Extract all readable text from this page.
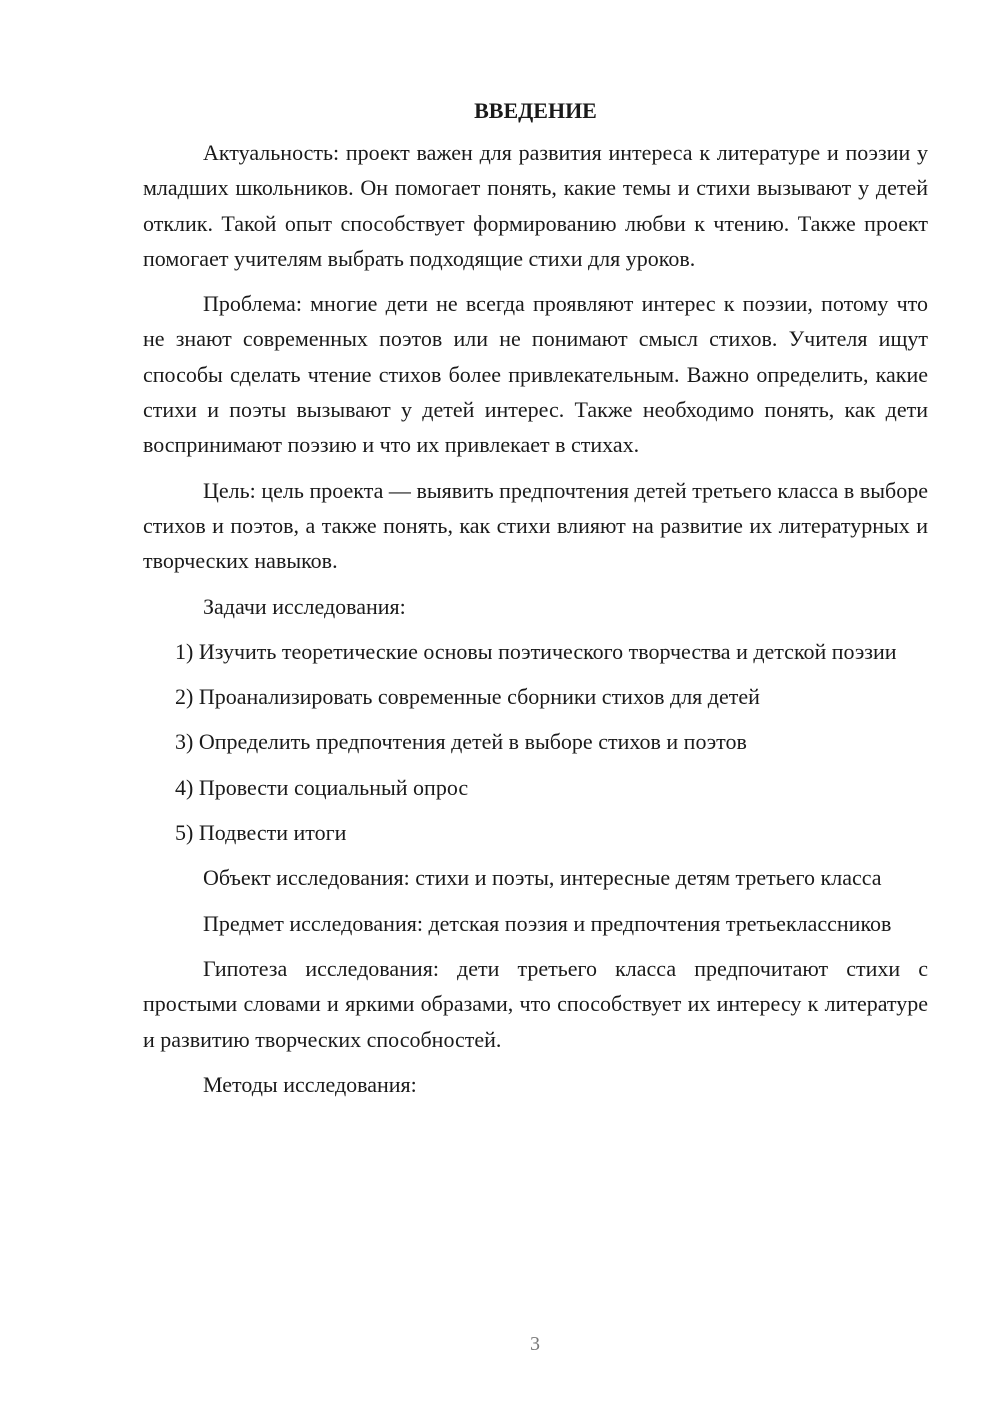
ВВЕДЕНИЕ

Актуальность: проект важен для развития интереса к литературе и поэзии у младших школьников. Он помогает понять, какие темы и стихи вызывают у детей отклик. Такой опыт способствует формированию любви к чтению. Также проект помогает учителям выбрать подходящие стихи для уроков.

Проблема: многие дети не всегда проявляют интерес к поэзии, потому что не знают современных поэтов или не понимают смысл стихов. Учителя ищут способы сделать чтение стихов более привлекательным. Важно определить, какие стихи и поэты вызывают у детей интерес. Также необходимо понять, как дети воспринимают поэзию и что их привлекает в стихах.

Цель: цель проекта — выявить предпочтения детей третьего класса в выборе стихов и поэтов, а также понять, как стихи влияют на развитие их литературных и творческих навыков.

Задачи исследования:

1) Изучить теоретические основы поэтического творчества и детской поэзии

2) Проанализировать современные сборники стихов для детей

3) Определить предпочтения детей в выборе стихов и поэтов

4) Провести социальный опрос

5) Подвести итоги

Объект исследования: стихи и поэты, интересные детям третьего класса

Предмет исследования: детская поэзия и предпочтения третьеклассников

Гипотеза исследования: дети третьего класса предпочитают стихи с простыми словами и яркими образами, что способствует их интересу к литературе и развитию творческих способностей.

Методы исследования:

3
